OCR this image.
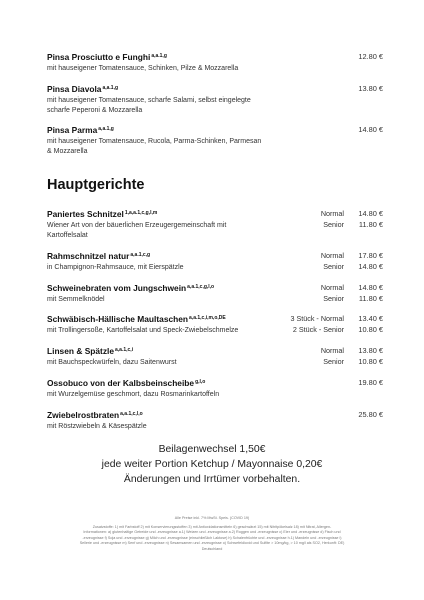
Pinsa Prosciutto e Funghi$^{a,a.1,g}$
mit hauseigener Tomatensauce, Schinken, Pilze & Mozzarella
12.80 €
Pinsa Diavola$^{a,a.1,g}$
mit hauseigener Tomatensauce, scharfe Salami, selbst eingelegte
scharfe Peperoni & Mozzarella
13.80 €
Pinsa Parma$^{a,a.1,g}$
mit hauseigener Tomatensauce, Rucola, Parma-Schinken, Parmesan
& Mozzarella
14.80 €
Hauptgerichte
Paniertes Schnitzel$^{1,a,a.1,c,g,l,m}$
Wiener Art von der bäuerlichen Erzeugergemeinschaft mit
Kartoffelsalat
Normal 14.80 €
Senior 11.80 €
Rahmschnitzel natur$^{a,a.1,c,g}$
in Champignon-Rahmsauce, mit Eierspätzle
Normal 17.80 €
Senior 14.80 €
Schweinebraten vom Jungschwein$^{a,a.1,c,g,l,o}$
mit Semmelknödel
Normal 14.80 €
Senior 11.80 €
Schwäbisch-Hällische Maultaschen$^{a,a.1,c,i,m,o,DE}$
mit Trollingersoße, Kartoffelsalat und Speck-Zwiebelschmelze
3 Stück - Normal 13.40 €
2 Stück - Senior 10.80 €
Linsen & Spätzle$^{a,a.1,c,i}$
mit Bauchspeckwürfeln, dazu Saitenwurst
Normal 13.80 €
Senior 10.80 €
Ossobuco von der Kalbsbeinscheibe$^{g,l,o}$
mit Wurzelgemüse geschmort, dazu Rosmarinkartoffeln
19.80 €
Zwiebelrostbraten$^{a,a.1,c,l,o}$
mit Röstzwiebeln & Käsespätzle
25.80 €
Beilagenwechsel 1,50€
jede weiter Portion Ketchup / Mayonnaise 0,20€
Änderungen und Irrtümer vorbehalten.
Alle Preise inkl. 7% MwSt. Speis. (COVID 19)
Zusatzstoffe: 1) mit Farbstoff 2) mit Konservierungsstoffen 3) mit Antioxidationsmitteln 6) geschwärzt 15) mit Nitritpökelsalz 18) mit Nitrat, Allergen-
Informationen: a) glutenhaltige Getreide und -erzeugnisse a.1) Weizen und -erzeugnisse a.2) Roggen und -erzeugnisse c) Eier und -erzeugnisse d) Fisch und
-erzeugnisse f) Soja und -erzeugnisse g) Milch und -erzeugnisse (einschließlich Laktose) h) Schalenfrüchte und -erzeugnisse h.1) Mandeln und -erzeugnisse i)
Sellerie und -erzeugnisse m) Senf und -erzeugnisse n) Sesamsamen und -erzeugnisse o) Schwefeldioxid und Sulfite > 10mg/kg, > 10 mg/l als SO2, Herkunft: DE)
Deutschland
